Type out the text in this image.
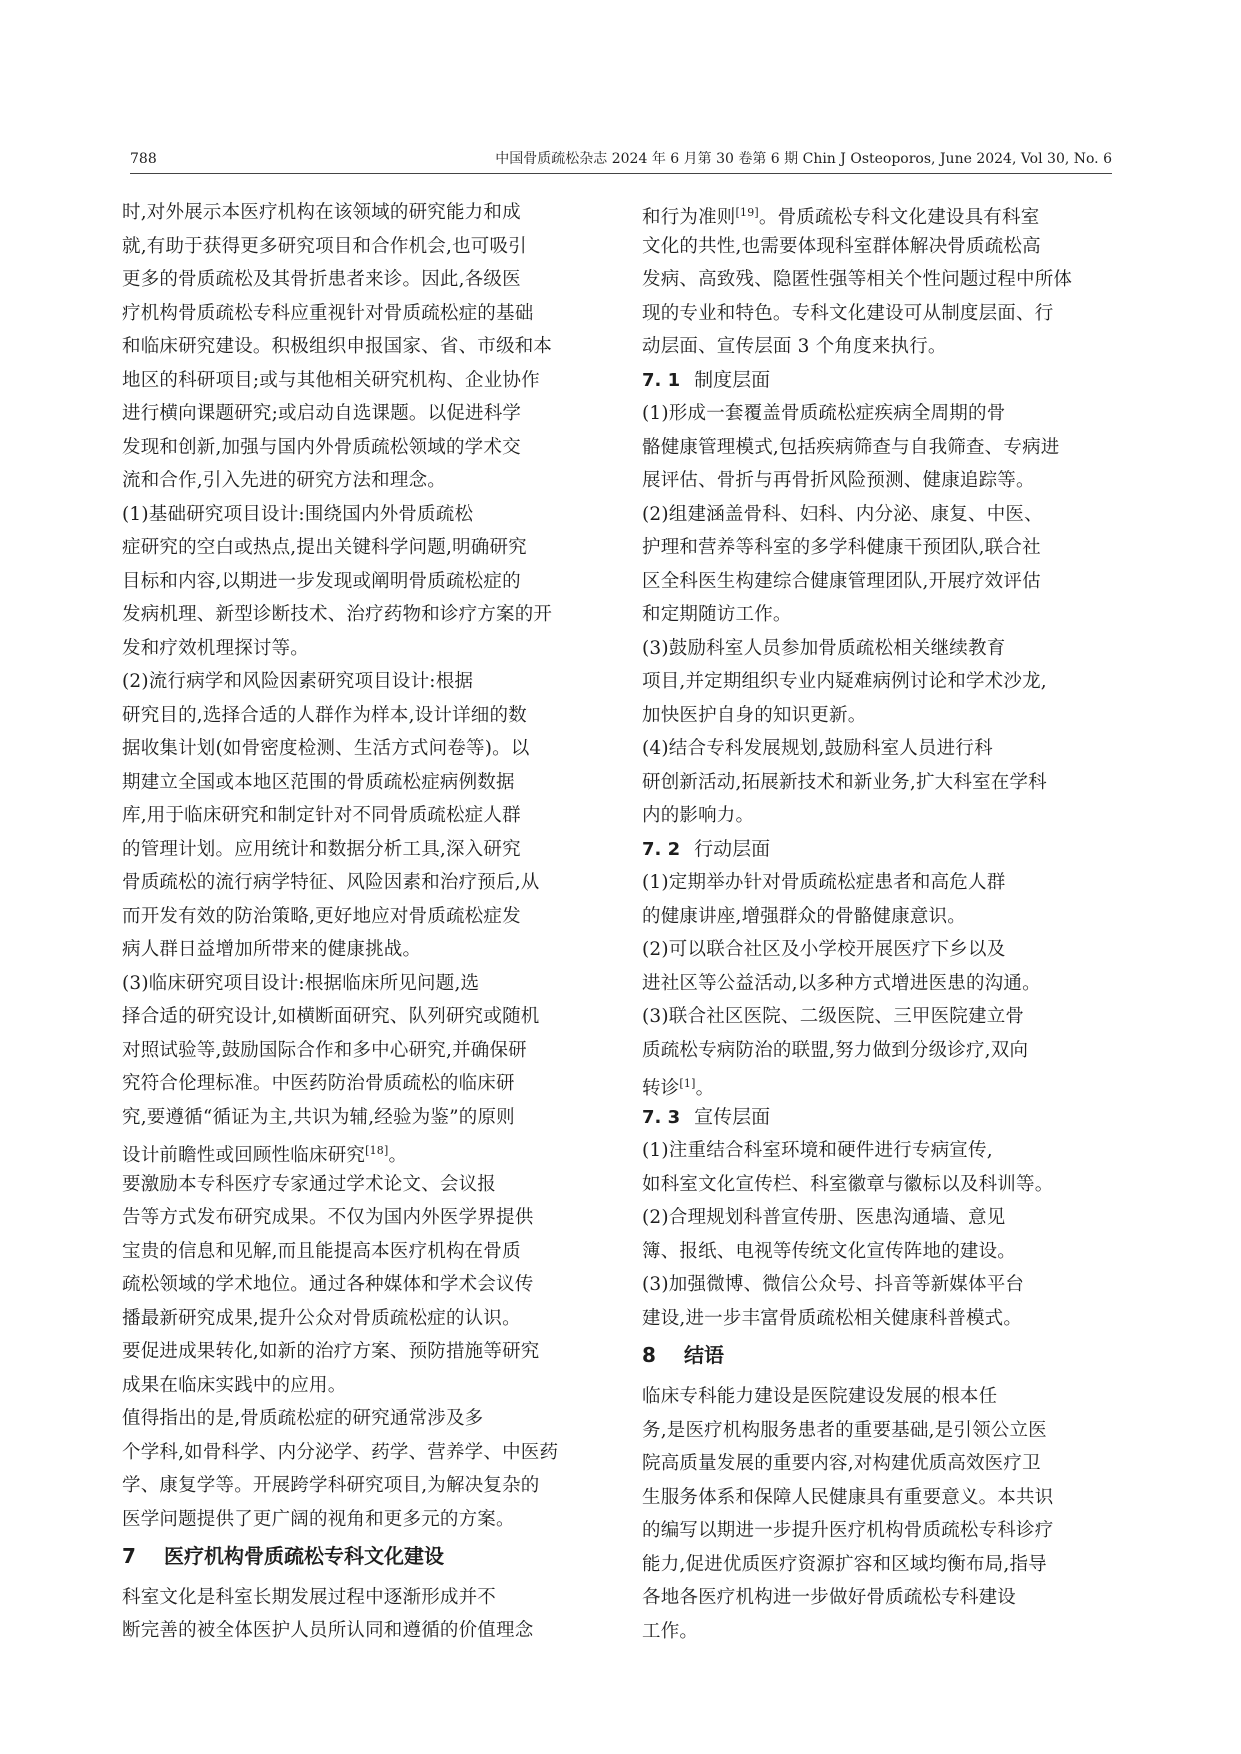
788	中国骨质疏松杂志 2024 年 6 月第 30 卷第 6 期 Chin J Osteoporos, June 2024, Vol 30, No. 6
时,对外展示本医疗机构在该领域的研究能力和成
就,有助于获得更多研究项目和合作机会,也可吸引
更多的骨质疏松及其骨折患者来诊。因此,各级医
疗机构骨质疏松专科应重视针对骨质疏松症的基础
和临床研究建设。积极组织申报国家、省、市级和本
地区的科研项目;或与其他相关研究机构、企业协作
进行横向课题研究;或启动自选课题。以促进科学
发现和创新,加强与国内外骨质疏松领域的学术交
流和合作,引入先进的研究方法和理念。
(1)基础研究项目设计:围绕国内外骨质疏松
症研究的空白或热点,提出关键科学问题,明确研究
目标和内容,以期进一步发现或阐明骨质疏松症的
发病机理、新型诊断技术、治疗药物和诊疗方案的开
发和疗效机理探讨等。
(2)流行病学和风险因素研究项目设计:根据
研究目的,选择合适的人群作为样本,设计详细的数
据收集计划(如骨密度检测、生活方式问卷等)。以
期建立全国或本地区范围的骨质疏松症病例数据
库,用于临床研究和制定针对不同骨质疏松症人群
的管理计划。应用统计和数据分析工具,深入研究
骨质疏松的流行病学特征、风险因素和治疗预后,从
而开发有效的防治策略,更好地应对骨质疏松症发
病人群日益增加所带来的健康挑战。
(3)临床研究项目设计:根据临床所见问题,选
择合适的研究设计,如横断面研究、队列研究或随机
对照试验等,鼓励国际合作和多中心研究,并确保研
究符合伦理标准。中医药防治骨质疏松的临床研
究,要遵循“循证为主,共识为辅,经验为鉴”的原则
设计前瞻性或回顾性临床研究[18]。
要激励本专科医疗专家通过学术论文、会议报
告等方式发布研究成果。不仅为国内外医学界提供
宝贵的信息和见解,而且能提高本医疗机构在骨质
疏松领域的学术地位。通过各种媒体和学术会议传
播最新研究成果,提升公众对骨质疏松症的认识。
要促进成果转化,如新的治疗方案、预防措施等研究
成果在临床实践中的应用。
值得指出的是,骨质疏松症的研究通常涉及多
个学科,如骨科学、内分泌学、药学、营养学、中医药
学、康复学等。开展跨学科研究项目,为解决复杂的
医学问题提供了更广阔的视角和更多元的方案。
7 医疗机构骨质疏松专科文化建设
科室文化是科室长期发展过程中逐渐形成并不
断完善的被全体医护人员所认同和遵循的价值理念
和行为准则[19]。骨质疏松专科文化建设具有科室
文化的共性,也需要体现科室群体解决骨质疏松高
发病、高致残、隐匿性强等相关个性问题过程中所体
现的专业和特色。专科文化建设可从制度层面、行
动层面、宣传层面 3 个角度来执行。
7. 1 制度层面
(1)形成一套覆盖骨质疏松症疾病全周期的骨
骼健康管理模式,包括疾病筛查与自我筛查、专病进
展评估、骨折与再骨折风险预测、健康追踪等。
(2)组建涵盖骨科、妇科、内分泌、康复、中医、
护理和营养等科室的多学科健康干预团队,联合社
区全科医生构建综合健康管理团队,开展疗效评估
和定期随访工作。
(3)鼓励科室人员参加骨质疏松相关继续教育
项目,并定期组织专业内疑难病例讨论和学术沙龙,
加快医护自身的知识更新。
(4)结合专科发展规划,鼓励科室人员进行科
研创新活动,拓展新技术和新业务,扩大科室在学科
内的影响力。
7. 2 行动层面
(1)定期举办针对骨质疏松症患者和高危人群
的健康讲座,增强群众的骨骼健康意识。
(2)可以联合社区及小学校开展医疗下乡以及
进社区等公益活动,以多种方式增进医患的沟通。
(3)联合社区医院、二级医院、三甲医院建立骨
质疏松专病防治的联盟,努力做到分级诊疗,双向
转诊[1]。
7. 3 宣传层面
(1)注重结合科室环境和硬件进行专病宣传,
如科室文化宣传栏、科室徽章与徽标以及科训等。
(2)合理规划科普宣传册、医患沟通墙、意见
簿、报纸、电视等传统文化宣传阵地的建设。
(3)加强微博、微信公众号、抖音等新媒体平台
建设,进一步丰富骨质疏松相关健康科普模式。
8 结语
临床专科能力建设是医院建设发展的根本任
务,是医疗机构服务患者的重要基础,是引领公立医
院高质量发展的重要内容,对构建优质高效医疗卫
生服务体系和保障人民健康具有重要意义。本共识
的编写以期进一步提升医疗机构骨质疏松专科诊疗
能力,促进优质医疗资源扩容和区域均衡布局,指导
各地各医疗机构进一步做好骨质疏松专科建设
工作。
